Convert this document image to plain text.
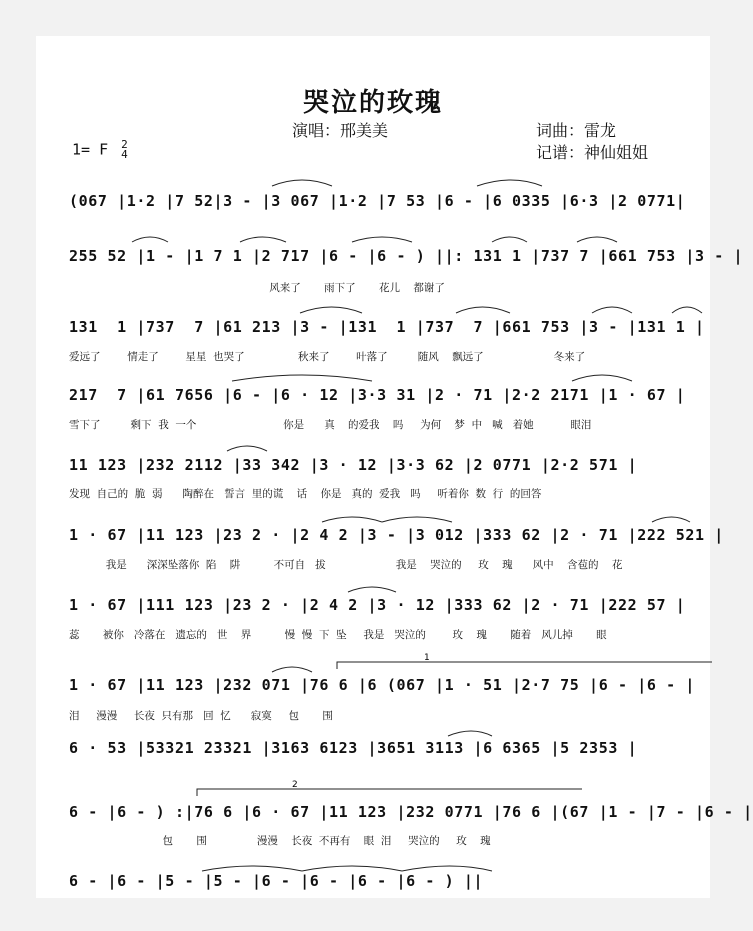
哭泣的玫瑰
演唱：邢美美	词曲：雷龙
记谱：神仙姐姐
1= F 2
4
(067 |1·2 |7 52|3 - |3 067 |1·2 |7 53 |6 - |6 0335 |6·3 |2 0771|
255 52 |1 - |1 7 1 |2 717 |6 - |6 - ) ||: 131 1 |737 7 |661 753 |3 - |
风来了       雨下了       花儿    都谢了
131  1 |737  7 |61 213 |3 - |131  1 |737  7 |661 753 |3 - |131 1 |
爱远了        情走了        星星  也哭了                秋来了        叶落了         随风    飘远了                     冬来了
217  7 |61 7656 |6 - |6 · 12 |3·3 31 |2 · 71 |2·2 2171 |1 · 67 |
雪下了         剩下  我  一个                          你是      真    的爱我    吗     为何    梦  中   喊   着她           眼泪
11 123 |232 2112 |33 342 |3 · 12 |3·3 62 |2 0771 |2·2 571 |
发现  自己的  脆  弱      陶醉在   誓言  里的谎    话    你是   真的  爱我   吗     听着你  数  行  的回答
1 · 67 |11 123 |23 2 · |2 4 2 |3 - |3 012 |333 62 |2 · 71 |222 521 |
我是      深深坠落你  陷    阱          不可自   拔                     我是    哭泣的     玫    瑰      风中    含苞的    花
1 · 67 |111 123 |23 2 · |2 4 2 |3 · 12 |333 62 |2 · 71 |222 57 |
蕊       被你   冷落在   遗忘的   世    界          慢  慢  下  坠     我是   哭泣的        玫    瑰       随着   风儿掉       眼
1 · 67 |11 123 |232 071 |76 6 |6 (067 |1 · 51 |2·7 75 |6 - |6 - |
泪     漫漫     长夜  只有那   回  忆      寂寞     包       围
6 · 53 |53321 23321 |3163 6123 |3651 3113 |6 6365 |5 2353 |
6 - |6 - ) :|76 6 |6 · 67 |11 123 |232 0771 |76 6 |(67 |1 - |7 - |6 - |
包       围               漫漫    长夜  不再有    眼  泪     哭泣的     玫    瑰
6 - |6 - |5 - |5 - |6 - |6 - |6 - |6 - ) ||
1
2
